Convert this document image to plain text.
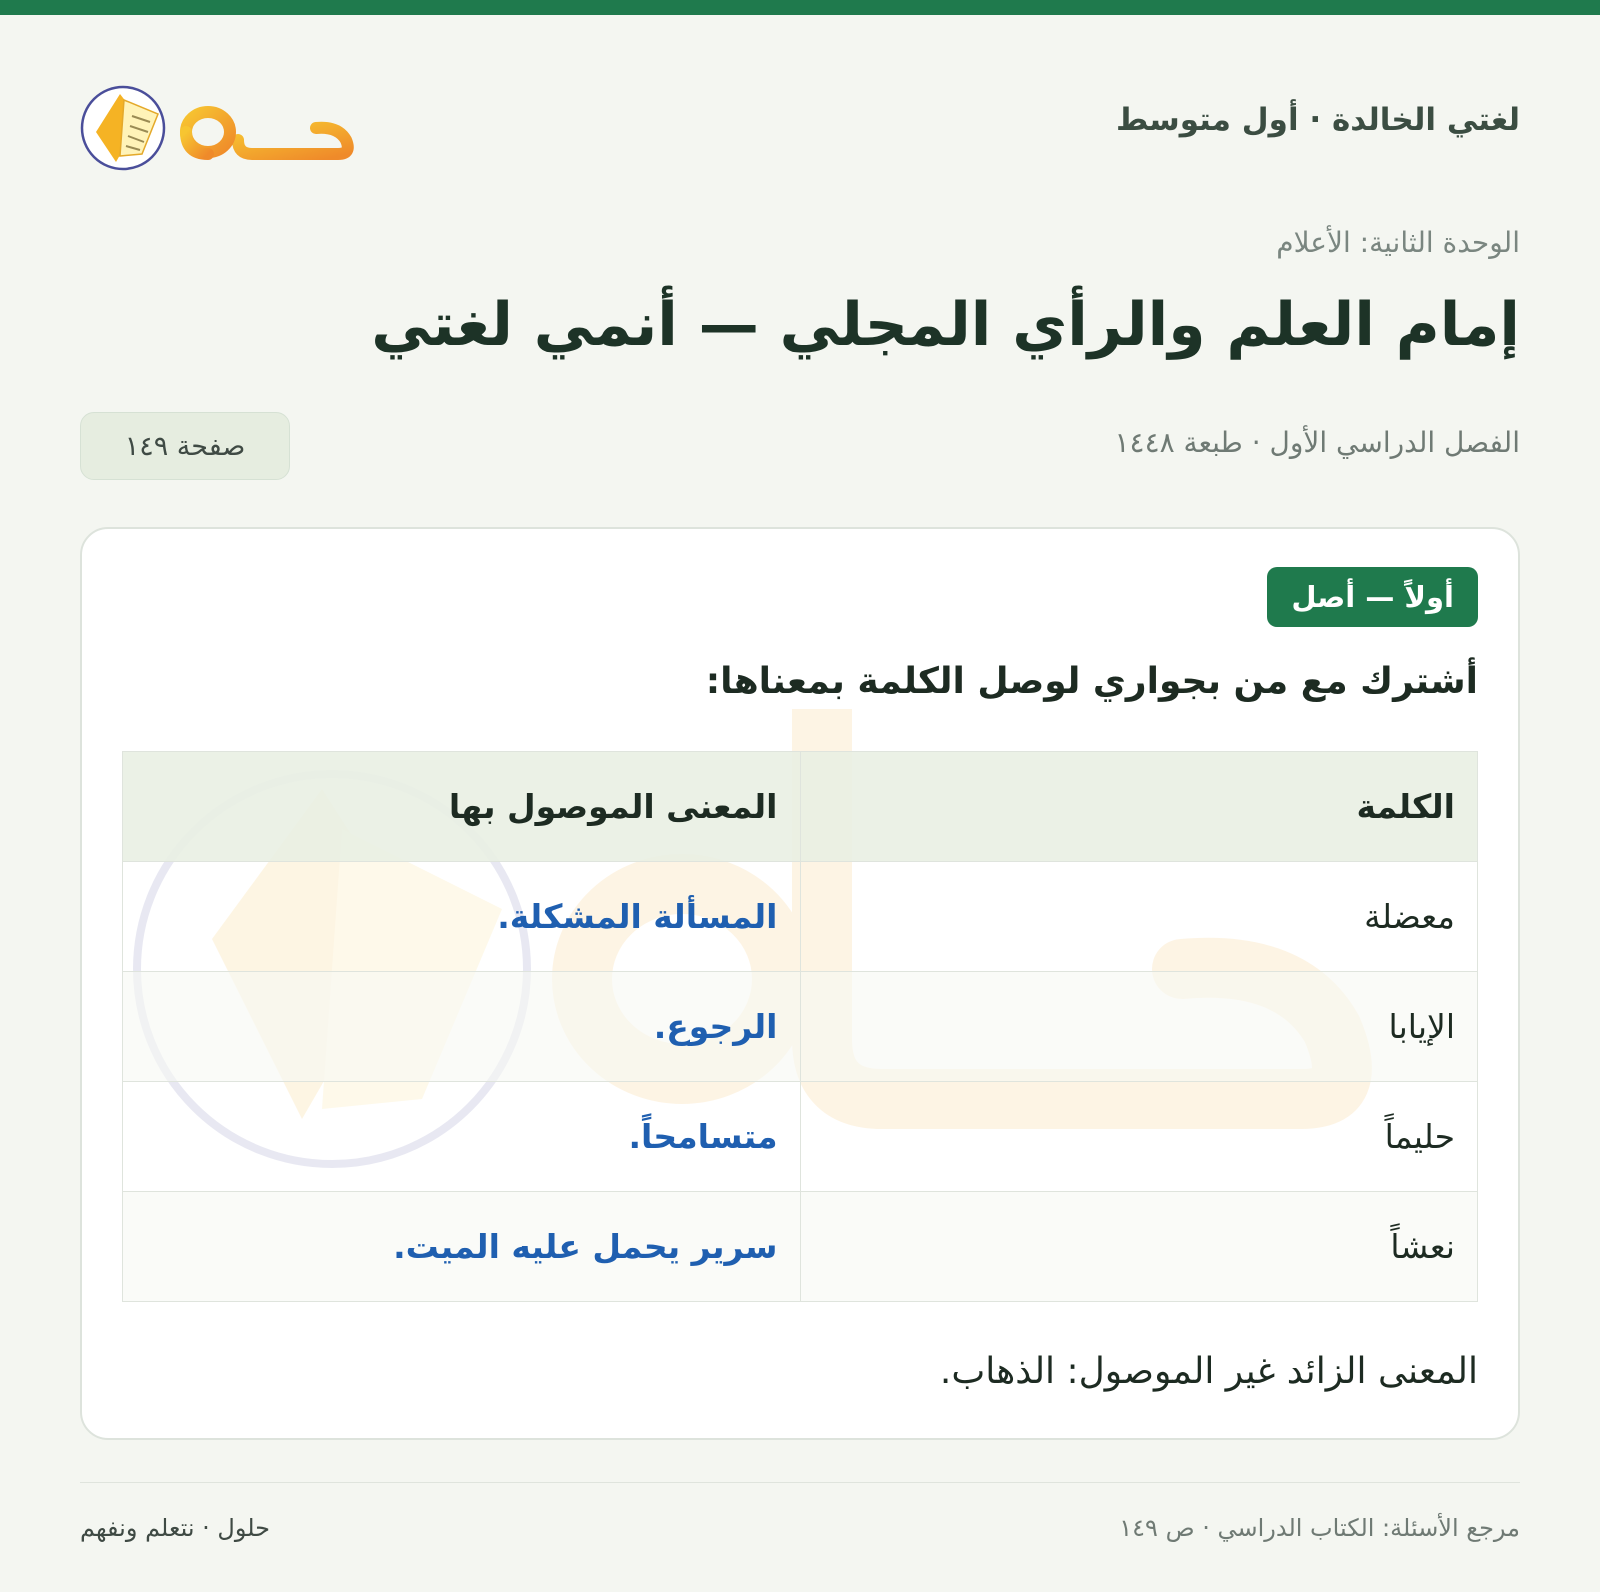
لغتي الخالدة · أول متوسط
الوحدة الثانية: الأعلام
إمام العلم والرأي المجلي — أنمي لغتي
الفصل الدراسي الأول · طبعة ١٤٤٨
صفحة ١٤٩
أولاً — أصل
أشترك مع من بجواري لوصل الكلمة بمعناها:
الكلمة	المعنى الموصول بها
معضلة	المسألة المشكلة.
الإيابا	الرجوع.
حليماً	متسامحاً.
نعشاً	سرير يحمل عليه الميت.
المعنى الزائد غير الموصول: الذهاب.
مرجع الأسئلة: الكتاب الدراسي · ص ١٤٩
حلول · نتعلم ونفهم
